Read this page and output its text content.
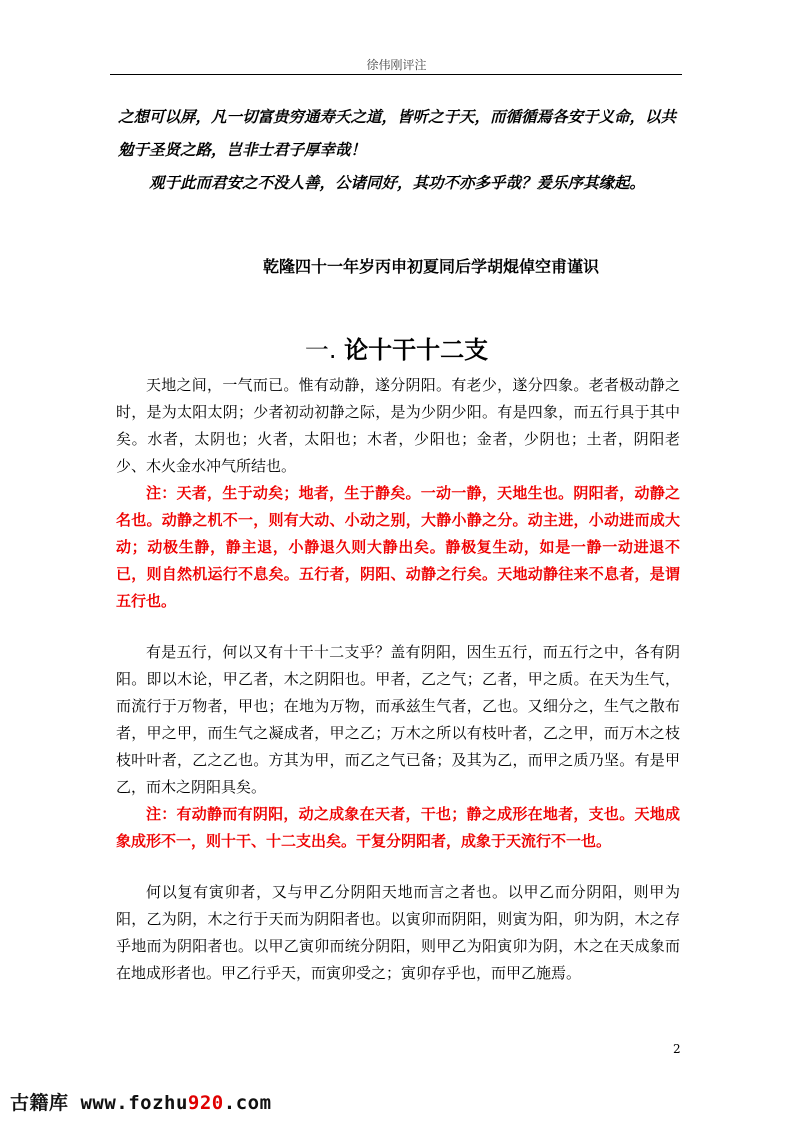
徐伟刚评注

之想可以屏，凡一切富贵穷通寿夭之道，皆听之于天，而循循焉各安于义命，以共勉于圣贤之路，岂非士君子厚幸哉！

观于此而君安之不没人善，公诸同好，其功不亦多乎哉？爰乐序其缘起。

乾隆四十一年岁丙申初夏同后学胡焜倬空甫谨识
一. 论十干十二支

天地之间，一气而已。惟有动静，遂分阴阳。有老少，遂分四象。老者极动静之时，是为太阳太阴；少者初动初静之际，是为少阴少阳。有是四象，而五行具于其中矣。水者，太阴也；火者，太阳也；木者，少阳也；金者，少阴也；土者，阴阳老少、木火金水冲气所结也。

注：天者，生于动矣；地者，生于静矣。一动一静，天地生也。阴阳者，动静之名也。动静之机不一，则有大动、小动之别，大静小静之分。动主进，小动进而成大动；动极生静，静主退，小静退久则大静出矣。静极复生动，如是一静一动进退不已，则自然机运行不息矣。五行者，阴阳、动静之行矣。天地动静往来不息者，是谓五行也。

有是五行，何以又有十干十二支乎？盖有阴阳，因生五行，而五行之中，各有阴阳。即以木论，甲乙者，木之阴阳也。甲者，乙之气；乙者，甲之质。在天为生气，而流行于万物者，甲也；在地为万物，而承兹生气者，乙也。又细分之，生气之散布者，甲之甲，而生气之凝成者，甲之乙；万木之所以有枝叶者，乙之甲，而万木之枝枝叶叶者，乙之乙也。方其为甲，而乙之气已备；及其为乙，而甲之质乃坚。有是甲乙，而木之阴阳具矣。

注：有动静而有阴阳，动之成象在天者，干也；静之成形在地者，支也。天地成象成形不一，则十干、十二支出矣。干复分阴阳者，成象于天流行不一也。

何以复有寅卯者，又与甲乙分阴阳天地而言之者也。以甲乙而分阴阳，则甲为阳，乙为阴，木之行于天而为阴阳者也。以寅卯而阴阳，则寅为阳，卯为阴，木之存乎地而为阴阳者也。以甲乙寅卯而统分阴阳，则甲乙为阳寅卯为阴，木之在天成象而在地成形者也。甲乙行乎天，而寅卯受之；寅卯存乎也，而甲乙施焉。

2
古籍库 www.fozhu920.com
